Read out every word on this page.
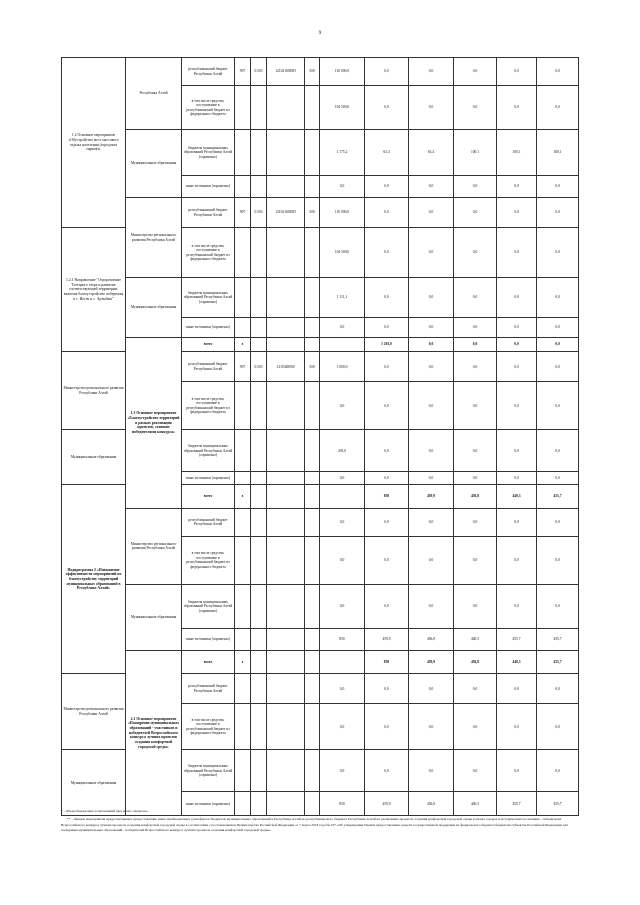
9
1.2 Основное мероприятие «Обустройство мест массового отдыха населения (городских парков)»	Республика Алтай	республиканский бюджет Республики Алтай	907	0.503	1210216083П	500	110 000,0	0,0	0,0	0,0	0,0	0,0	
		в том числе средства, поступившие в республиканский бюджет из федерального бюджета					104 500,0	0,0	0,0	0,0	0,0	0,0	
	Муниципальные образования	бюджеты муниципальных образований Республики Алтай (справочно)					1 175,2	63,4	63,4	100,1	100,1	100,1	
		иные источники (справочно)					0,0	0,0	0,0	0,0	0,0	0,0	
	Министерство регионального развития Республики Алтай	республиканский бюджет Республики Алтай	907	0.503	1210216083П	500	110 000,0	0,0	0,0	0,0	0,0	0,0	
1.2.1 Направление "Оздоровление Телецкого озера и развитие соответствующей территории, включая благоустройство побережья в с. Иогач и с. Артыбаш"		в том числе средства, поступившие в республиканский бюджет из федерального бюджета					104 500,0	0,0	0,0	0,0	0,0	0,0	
	Муниципальные образования	бюджеты муниципальных образований Республики Алтай (справочно)					1 111,1	0,0	0,0	0,0	0,0	0,0	
		иные источники (справочно)					0,0	0,0	0,0	0,0	0,0	0,0	
	1.3 Основное мероприятие «Благоустройство территорий в рамках реализации проектов, ставших победителями конкурса»	всего	x					1 203,0	0,0	0,0	0,0	0,0	
Министерство регионального развития Республики Алтай		республиканский бюджет Республики Алтай	907	0.503	1210348000	500	1 000,0	0,0	0,0	0,0	0,0	0,0	
		в том числе средства, поступившие в республиканский бюджет из федерального бюджета					0,0	0,0	0,0	0,0	0,0	0,0	
Муниципальные образования		бюджеты муниципальных образований Республики Алтай (справочно)					203,0	0,0	0,0	0,0	0,0	0,0	
		иные источники (справочно)					0,0	0,0	0,0	0,0	0,0	0,0	
Подпрограмма 2 «Повышение эффективности мероприятий по благоустройству территорий муниципальных образований в Республике Алтай»		всего	x					850	459,9	456,8	440,3	455,7	
	Министерство регионального развития Республики Алтай	республиканский бюджет Республики Алтай					0,0	0,0	0,0	0,0	0,0	0,0	
		в том числе средства, поступившие в республиканский бюджет из федерального бюджета					0,0	0,0	0,0	0,0	0,0	0,0	
	Муниципальные образования	бюджеты муниципальных образований Республики Алтай (справочно)					0,0	0,0	0,0	0,0	0,0	0,0	
		иные источники (справочно)					850	459,9	456,8	440,3	455,7	455,7	
	2.1 Основное мероприятие «Поощрение муниципальных образований - участников и победителей Всероссийского конкурса лучших проектов создания комфортной городской среды»	всего	x					850	459,9	456,8	440,3	455,7	
Министерство регионального развития Республики Алтай		республиканский бюджет Республики Алтай					0,0	0,0	0,0	0,0	0,0	0,0	
		в том числе средства, поступившие в республиканский бюджет из федерального бюджета					0,0	0,0	0,0	0,0	0,0	0,0	
Муниципальные образования		бюджеты муниципальных образований Республики Алтай (справочно)					0,0	0,0	0,0	0,0	0,0	0,0	
		иные источники (справочно)					850	459,9	456,8	440,3	455,7	455,7	

* - Объем бюджетных ассигнований прогнозно справочно.

** - Данные мероприятия предусматривают предоставление иных межбюджетных трансфертов бюджетам муниципальных образований в Республике Алтай из республиканского бюджета Республики Алтай на реализацию проектов создания комфортной городской среды в малых городах и исторических поселениях - победителях Всероссийского конкурса лучших проектов создания комфортной городской среды в соответствии с постановлением Правительства Российской Федерации от 7 марта 2018 года № 237 «Об утверждении Правил предоставления средств государственной поддержки из федерального бюджета бюджетам субъектов Российской Федерации для поощрения муниципальных образований - победителей Всероссийского конкурса лучших проектов создания комфортной городской среды».
